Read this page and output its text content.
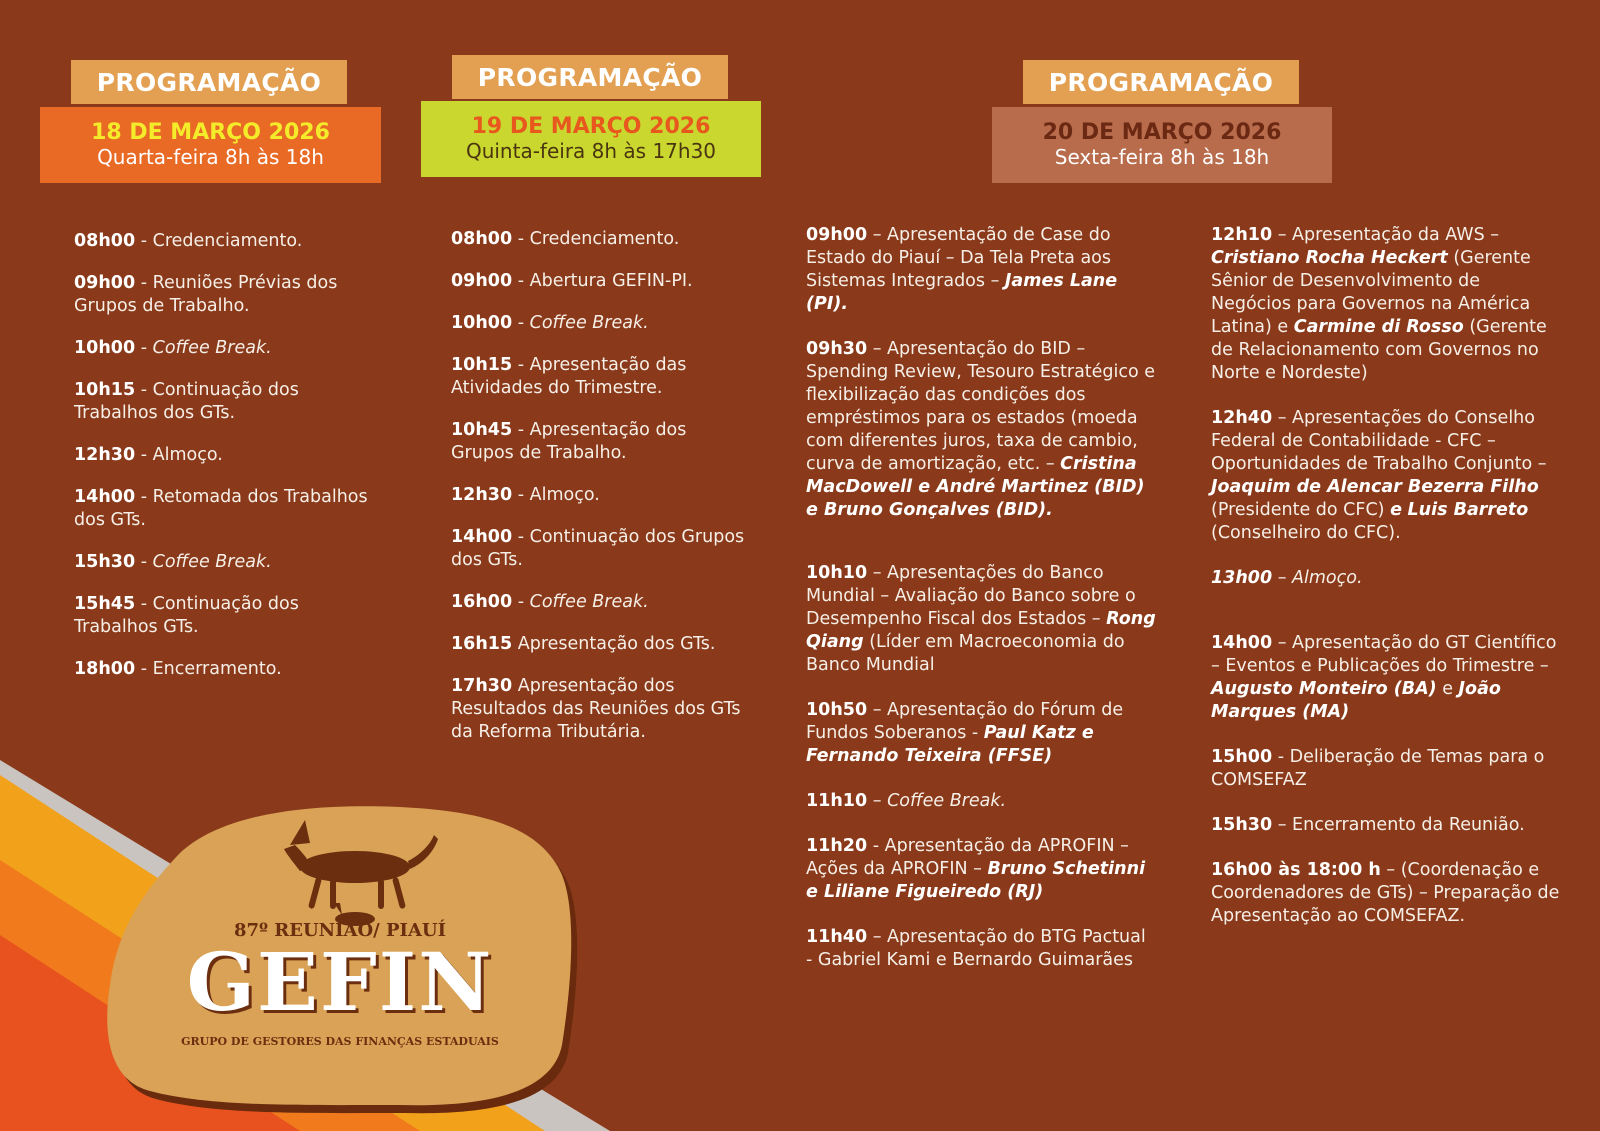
PROGRAMAÇÃO
18 DE MARÇO 2026
Quarta-feira 8h às 18h
PROGRAMAÇÃO
19 DE MARÇO 2026
Quinta-feira 8h às 17h30
PROGRAMAÇÃO
20 DE MARÇO 2026
Sexta-feira 8h às 18h

08h00 - Credenciamento.

09h00 - Reuniões Prévias dos Grupos de Trabalho.

10h00 - Coffee Break.

10h15 - Continuação dos Trabalhos dos GTs.

12h30 - Almoço.

14h00 - Retomada dos Trabalhos dos GTs.

15h30 - Coffee Break.

15h45 - Continuação dos Trabalhos GTs.

18h00 - Encerramento.

08h00 - Credenciamento.

09h00 - Abertura GEFIN-PI.

10h00 - Coffee Break.

10h15 - Apresentação das Atividades do Trimestre.

10h45 - Apresentação dos Grupos de Trabalho.

12h30 - Almoço.

14h00 - Continuação dos Grupos dos GTs.

16h00 - Coffee Break.

16h15 Apresentação dos GTs.

17h30 Apresentação dos Resultados das Reuniões dos GTs da Reforma Tributária.

09h00 – Apresentação de Case do Estado do Piauí – Da Tela Preta aos Sistemas Integrados – James Lane (PI).

09h30 – Apresentação do BID – Spending Review, Tesouro Estratégico e flexibilização das condições dos empréstimos para os estados (moeda com diferentes juros, taxa de cambio, curva de amortização, etc. – Cristina MacDowell e André Martinez (BID) e Bruno Gonçalves (BID).

10h10 – Apresentações do Banco Mundial – Avaliação do Banco sobre o Desempenho Fiscal dos Estados – Rong Qiang (Líder em Macroeconomia do Banco Mundial

10h50 – Apresentação do Fórum de Fundos Soberanos - Paul Katz e Fernando Teixeira (FFSE)

11h10 – Coffee Break.

11h20 - Apresentação da APROFIN – Ações da APROFIN – Bruno Schetinni e Liliane Figueiredo (RJ)

11h40 – Apresentação do BTG Pactual - Gabriel Kami e Bernardo Guimarães

12h10 – Apresentação da AWS – Cristiano Rocha Heckert (Gerente Sênior de Desenvolvimento de Negócios para Governos na América Latina) e Carmine di Rosso (Gerente de Relacionamento com Governos no Norte e Nordeste)

12h40 – Apresentações do Conselho Federal de Contabilidade - CFC – Oportunidades de Trabalho Conjunto – Joaquim de Alencar Bezerra Filho (Presidente do CFC) e Luis Barreto (Conselheiro do CFC).

13h00 – Almoço.

14h00 – Apresentação do GT Científico – Eventos e Publicações do Trimestre – Augusto Monteiro (BA) e João Marques (MA)

15h00 - Deliberação de Temas para o COMSEFAZ

15h30 – Encerramento da Reunião.

16h00 às 18:00 h – (Coordenação e Coordenadores de GTs) – Preparação de Apresentação ao COMSEFAZ.

87º REUNIÃO/ PIAUÍ
GEFIN
GRUPO DE GESTORES DAS FINANÇAS ESTADUAIS
